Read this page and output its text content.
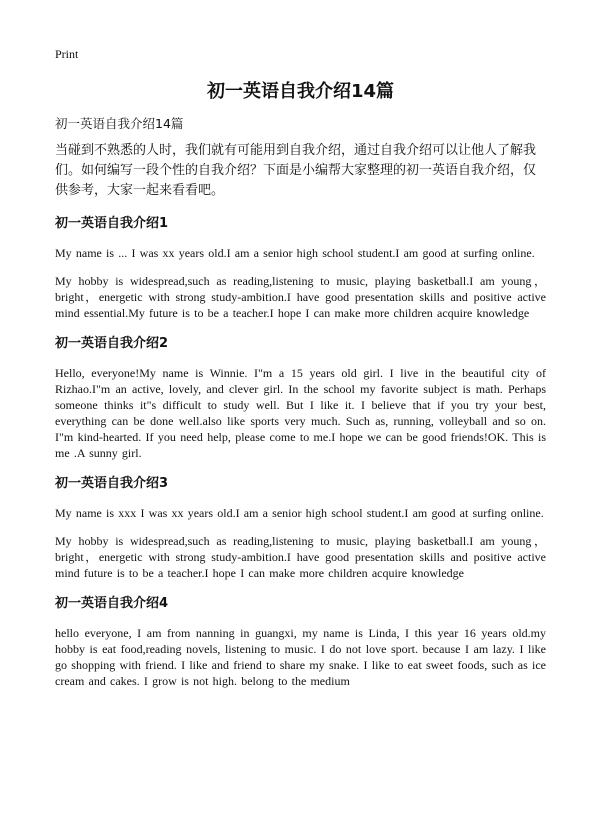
Print

初一英语自我介绍14篇

初一英语自我介绍14篇

当碰到不熟悉的人时，我们就有可能用到自我介绍，通过自我介绍可以让他人了解我们。如何编写一段个性的自我介绍？下面是小编帮大家整理的初一英语自我介绍，仅供参考，大家一起来看看吧。

初一英语自我介绍1

My name is ... I was xx years old.I am a senior high school student.I am good at surfing online.

My hobby is widespread,such as reading,listening to music, playing basketball.I am young，bright，energetic with strong study-ambition.I have good presentation skills and positive active mind essential.My future is to be a teacher.I hope I can make more children acquire knowledge

初一英语自我介绍2

Hello, everyone!My name is Winnie. I"m a 15 years old girl. I live in the beautiful city of Rizhao.I"m an active, lovely, and clever girl. In the school my favorite subject is math. Perhaps someone thinks it"s difficult to study well. But I like it. I believe that if you try your best, everything can be done well.also like sports very much. Such as, running, volleyball and so on. I"m kind-hearted. If you need help, please come to me.I hope we can be good friends!OK. This is me .A sunny girl.

初一英语自我介绍3

My name is xxx I was xx years old.I am a senior high school student.I am good at surfing online.

My hobby is widespread,such as reading,listening to music, playing basketball.I am young，bright，energetic with strong study-ambition.I have good presentation skills and positive active mind future is to be a teacher.I hope I can make more children acquire knowledge

初一英语自我介绍4

hello everyone, I am from nanning in guangxi, my name is Linda, I this year 16 years old.my hobby is eat food,reading novels, listening to music. I do not love sport. because I am lazy. I like go shopping with friend. I like and friend to share my snake. I like to eat sweet foods, such as ice cream and cakes. I grow is not high. belong to the medium
